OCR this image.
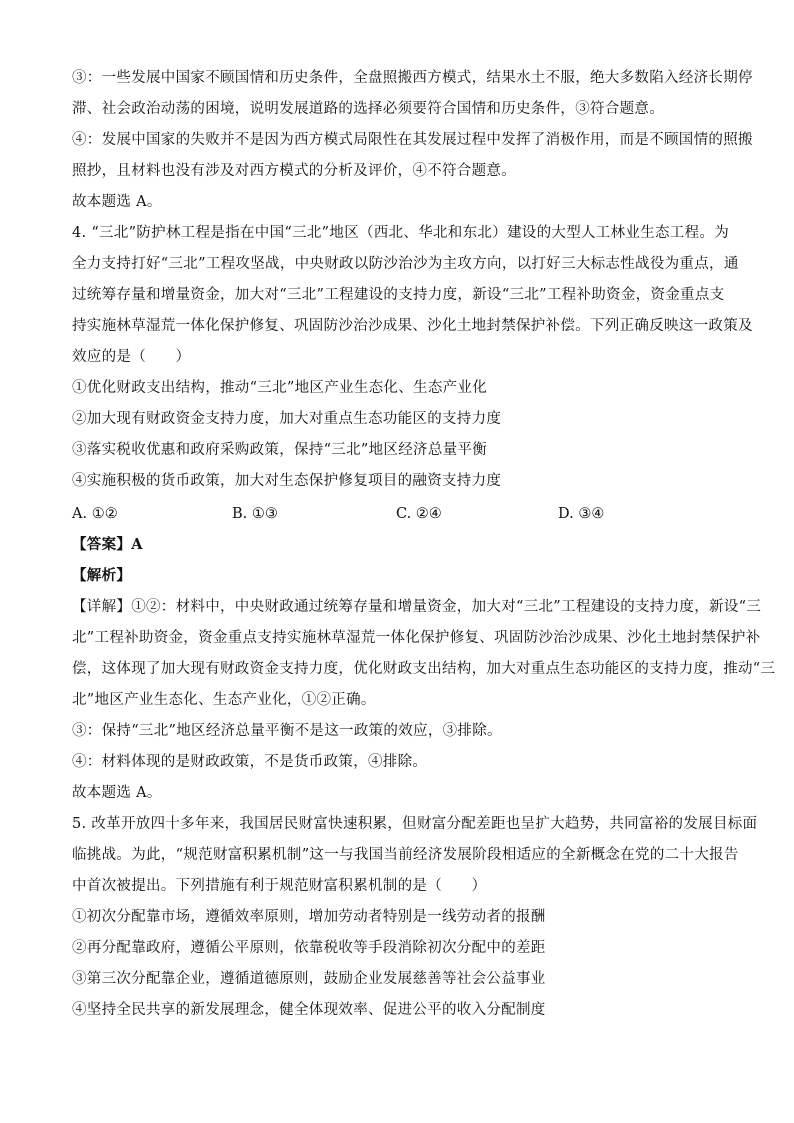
③：一些发展中国家不顾国情和历史条件，全盘照搬西方模式，结果水土不服，绝大多数陷入经济长期停
滞、社会政治动荡的困境，说明发展道路的选择必须要符合国情和历史条件，③符合题意。
④：发展中国家的失败并不是因为西方模式局限性在其发展过程中发挥了消极作用，而是不顾国情的照搬
照抄，且材料也没有涉及对西方模式的分析及评价，④不符合题意。
故本题选 A。
4. “三北”防护林工程是指在中国“三北”地区（西北、华北和东北）建设的大型人工林业生态工程。为
全力支持打好“三北”工程攻坚战，中央财政以防沙治沙为主攻方向，以打好三大标志性战役为重点，通
过统筹存量和增量资金，加大对“三北”工程建设的支持力度，新设“三北”工程补助资金，资金重点支
持实施林草湿荒一体化保护修复、巩固防沙治沙成果、沙化土地封禁保护补偿。下列正确反映这一政策及
效应的是（　　）
①优化财政支出结构，推动“三北”地区产业生态化、生态产业化
②加大现有财政资金支持力度，加大对重点生态功能区的支持力度
③落实税收优惠和政府采购政策，保持“三北”地区经济总量平衡
④实施积极的货币政策，加大对生态保护修复项目的融资支持力度
A. ①②	B. ①③	C. ②④	D. ③④
【答案】A
【解析】
【详解】①②：材料中，中央财政通过统筹存量和增量资金，加大对“三北”工程建设的支持力度，新设“三
北”工程补助资金，资金重点支持实施林草湿荒一体化保护修复、巩固防沙治沙成果、沙化土地封禁保护补
偿，这体现了加大现有财政资金支持力度，优化财政支出结构，加大对重点生态功能区的支持力度，推动“三
北”地区产业生态化、生态产业化，①②正确。
③：保持“三北”地区经济总量平衡不是这一政策的效应，③排除。
④：材料体现的是财政政策，不是货币政策，④排除。
故本题选 A。
5. 改革开放四十多年来，我国居民财富快速积累，但财富分配差距也呈扩大趋势，共同富裕的发展目标面
临挑战。为此，“规范财富积累机制”这一与我国当前经济发展阶段相适应的全新概念在党的二十大报告
中首次被提出。下列措施有利于规范财富积累机制的是（　　）
①初次分配靠市场，遵循效率原则，增加劳动者特别是一线劳动者的报酬
②再分配靠政府，遵循公平原则，依靠税收等手段消除初次分配中的差距
③第三次分配靠企业，遵循道德原则，鼓励企业发展慈善等社会公益事业
④坚持全民共享的新发展理念，健全体现效率、促进公平的收入分配制度
